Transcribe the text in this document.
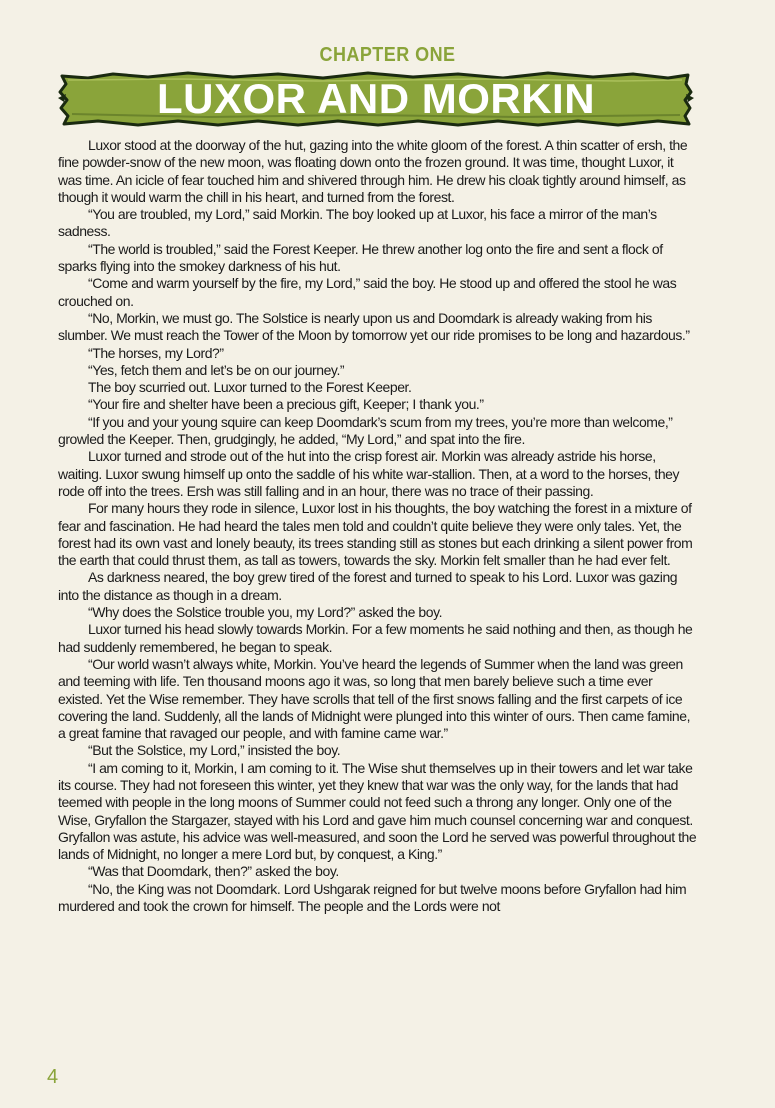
CHAPTER ONE
LUXOR AND MORKIN

Luxor stood at the doorway of the hut, gazing into the white gloom of the forest. A thin scatter of ersh, the fine powder-snow of the new moon, was floating down onto the frozen ground. It was time, thought Luxor, it was time. An icicle of fear touched him and shivered through him. He drew his cloak tightly around himself, as though it would warm the chill in his heart, and turned from the forest.

“You are troubled, my Lord,” said Morkin. The boy looked up at Luxor, his face a mirror of the man’s sadness.

“The world is troubled,” said the Forest Keeper. He threw another log onto the fire and sent a flock of sparks flying into the smokey darkness of his hut.

“Come and warm yourself by the fire, my Lord,” said the boy. He stood up and offered the stool he was crouched on.

“No, Morkin, we must go. The Solstice is nearly upon us and Doomdark is already waking from his slumber. We must reach the Tower of the Moon by tomorrow yet our ride promises to be long and hazardous.”

“The horses, my Lord?”

“Yes, fetch them and let’s be on our journey.”

The boy scurried out. Luxor turned to the Forest Keeper.

“Your fire and shelter have been a precious gift, Keeper; I thank you.”

“If you and your young squire can keep Doomdark’s scum from my trees, you’re more than welcome,” growled the Keeper. Then, grudgingly, he added, “My Lord,” and spat into the fire.

Luxor turned and strode out of the hut into the crisp forest air. Morkin was already astride his horse, waiting. Luxor swung himself up onto the saddle of his white war-stallion. Then, at a word to the horses, they rode off into the trees. Ersh was still falling and in an hour, there was no trace of their passing.

For many hours they rode in silence, Luxor lost in his thoughts, the boy watching the forest in a mixture of fear and fascination. He had heard the tales men told and couldn’t quite believe they were only tales. Yet, the forest had its own vast and lonely beauty, its trees standing still as stones but each drinking a silent power from the earth that could thrust them, as tall as towers, towards the sky. Morkin felt smaller than he had ever felt.

As darkness neared, the boy grew tired of the forest and turned to speak to his Lord. Luxor was gazing into the distance as though in a dream.

“Why does the Solstice trouble you, my Lord?” asked the boy.

Luxor turned his head slowly towards Morkin. For a few moments he said nothing and then, as though he had suddenly remembered, he began to speak.

“Our world wasn’t always white, Morkin. You’ve heard the legends of Summer when the land was green and teeming with life. Ten thousand moons ago it was, so long that men barely believe such a time ever existed. Yet the Wise remember. They have scrolls that tell of the first snows falling and the first carpets of ice covering the land. Suddenly, all the lands of Midnight were plunged into this winter of ours. Then came famine, a great famine that ravaged our people, and with famine came war.”

“But the Solstice, my Lord,” insisted the boy.

“I am coming to it, Morkin, I am coming to it. The Wise shut themselves up in their towers and let war take its course. They had not foreseen this winter, yet they knew that war was the only way, for the lands that had teemed with people in the long moons of Summer could not feed such a throng any longer. Only one of the Wise, Gryfallon the Stargazer, stayed with his Lord and gave him much counsel concerning war and conquest. Gryfallon was astute, his advice was well-measured, and soon the Lord he served was powerful throughout the lands of Midnight, no longer a mere Lord but, by conquest, a King.”

“Was that Doomdark, then?” asked the boy.

“No, the King was not Doomdark. Lord Ushgarak reigned for but twelve moons before Gryfallon had him murdered and took the crown for himself. The people and the Lords were not

4
